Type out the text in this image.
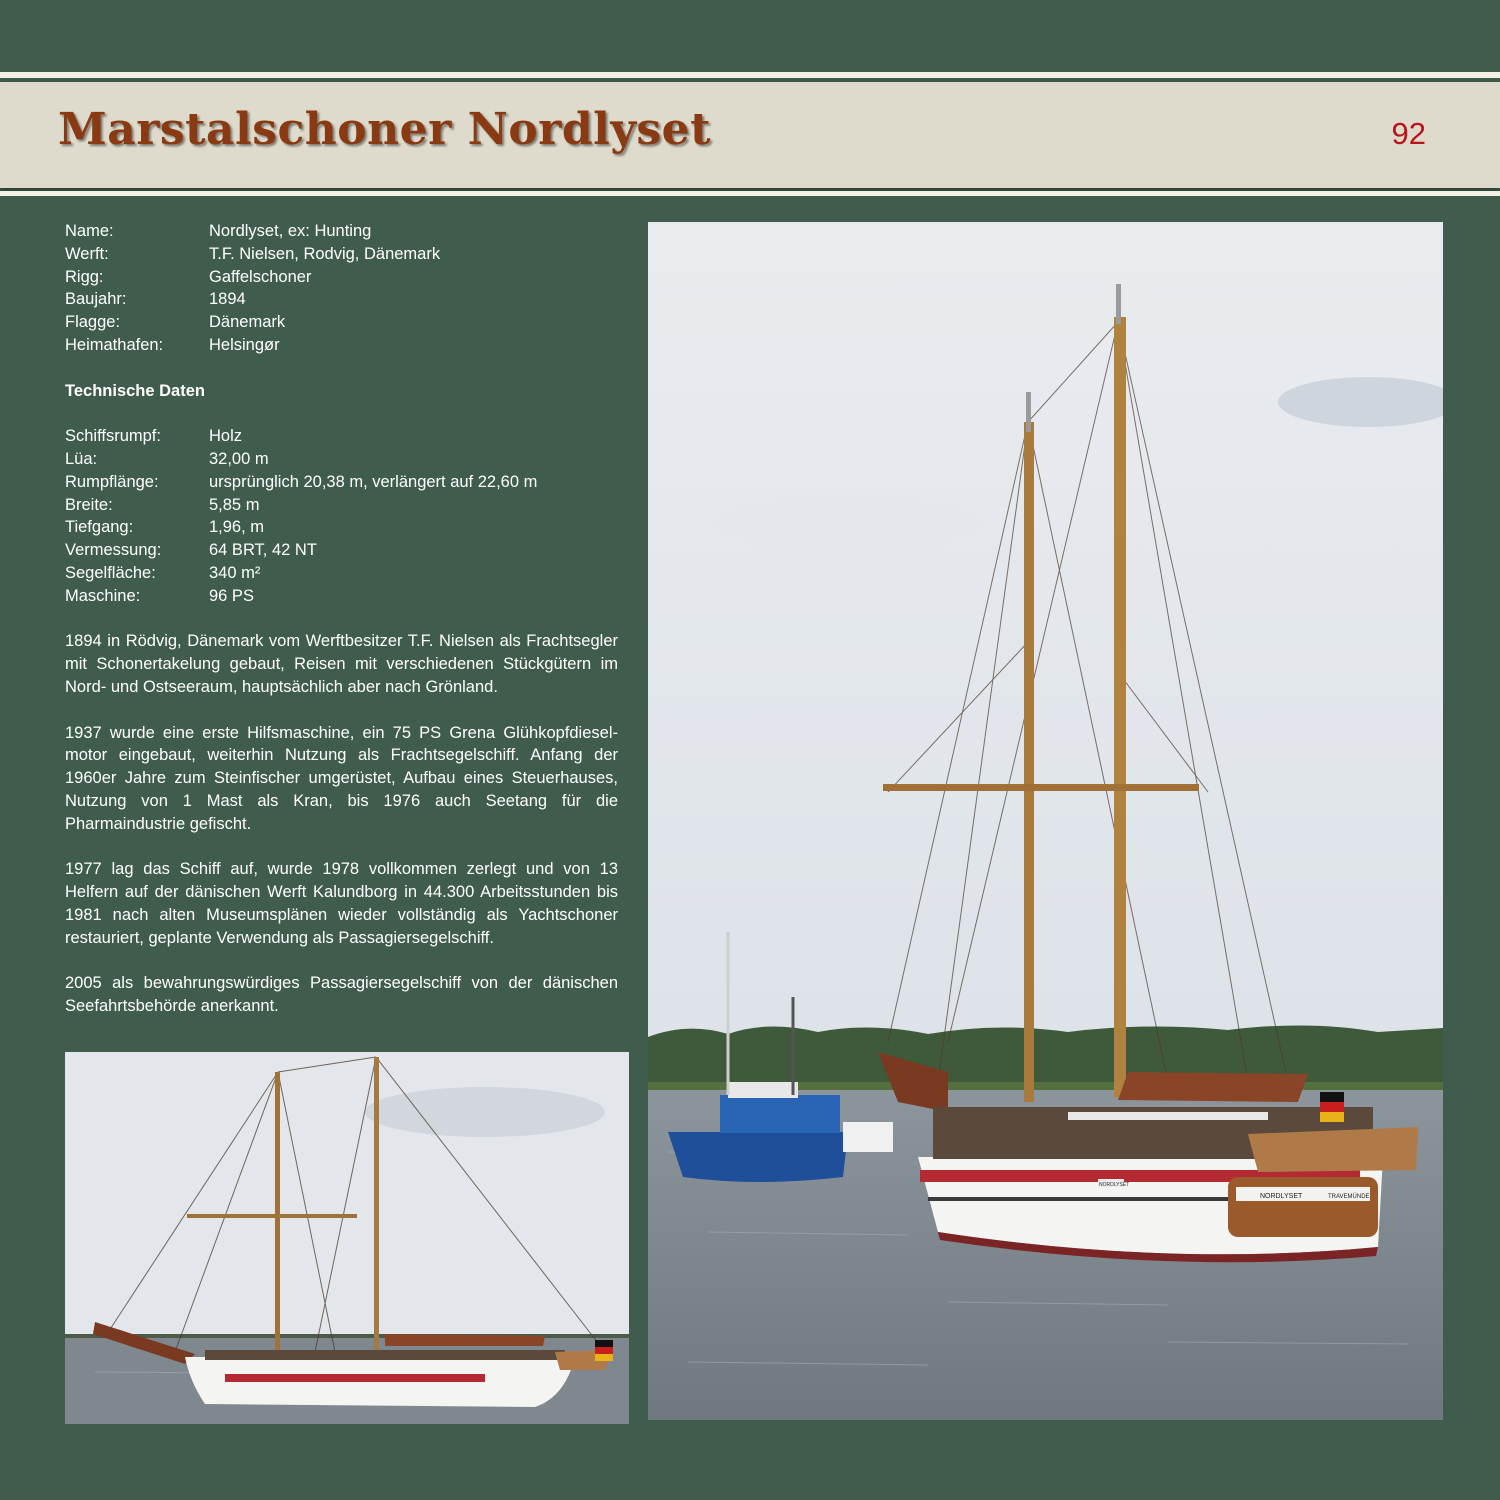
Marstalschoner Nordlyset	92
Name:	Nordlyset, ex: Hunting
Werft:	T.F. Nielsen, Rodvig, Dänemark
Rigg:	Gaffelschoner
Baujahr:	1894
Flagge:	Dänemark
Heimathafen:	Helsingør
Technische Daten
Schiffsrumpf:	Holz
Lüa:	32,00 m
Rumpflänge:	ursprünglich 20,38 m, verlängert auf 22,60 m
Breite:	5,85 m
Tiefgang:	1,96, m
Vermessung:	64 BRT, 42 NT
Segelfläche:	340 m²
Maschine:	96 PS

1894 in Rödvig, Dänemark vom Werftbesitzer T.F. Nielsen als Frachtsegler mit Schonertakelung gebaut, Reisen mit verschiedenen Stückgütern im Nord- und Ostseeraum, hauptsächlich aber nach Grönland.

1937 wurde eine erste Hilfsmaschine, ein 75 PS Grena Glühkopfdieselmotor eingebaut, weiterhin Nutzung als Frachtsegelschiff. Anfang der 1960er Jahre zum Steinfischer umgerüstet, Aufbau eines Steuerhauses, Nutzung von 1 Mast als Kran, bis 1976 auch Seetang für die Pharmaindustrie gefischt.

1977 lag das Schiff auf, wurde 1978 vollkommen zerlegt und von 13 Helfern auf der dänischen Werft Kalundborg in 44.300 Arbeitsstunden bis 1981 nach alten Museumsplänen wieder vollständig als Yachtschoner restauriert, geplante Verwendung als Passagiersegelschiff.

2005 als bewahrungswürdiges Passagiersegelschiff von der dänischen Seefahrtsbehörde anerkannt.

NORDLYSET	TRAVEMÜNDE
NORDLYSET
